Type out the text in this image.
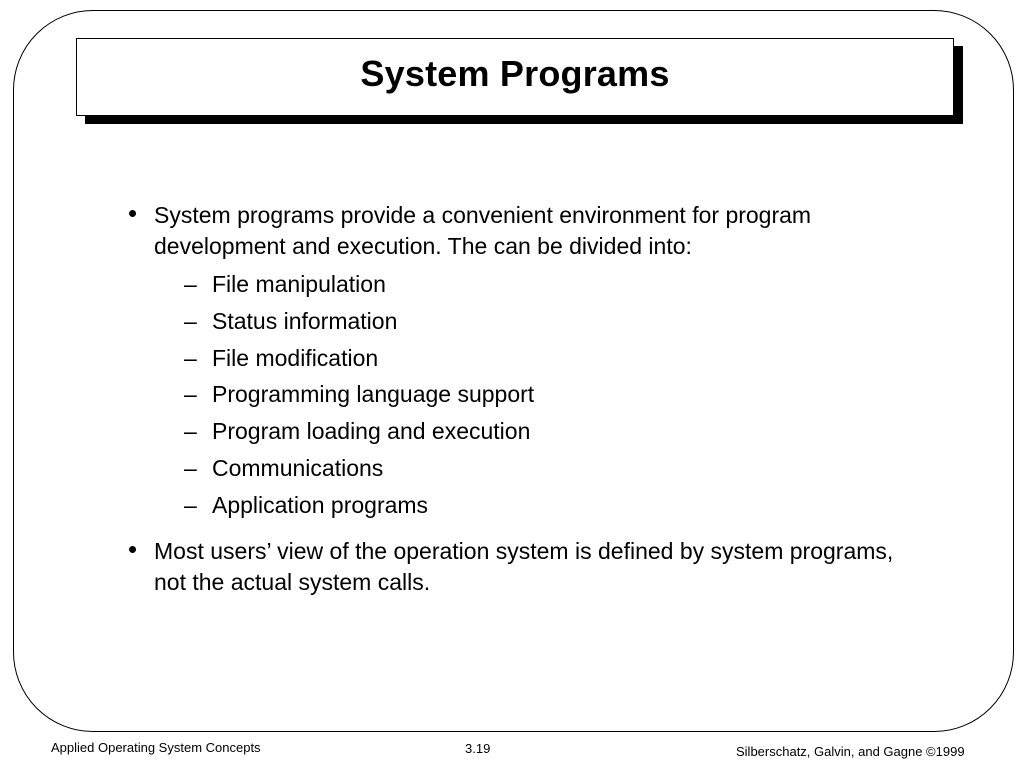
System Programs
• System programs provide a convenient environment for program development and execution. The can be divided into:
– File manipulation
– Status information
– File modification
– Programming language support
– Program loading and execution
– Communications
– Application programs
• Most users’ view of the operation system is defined by system programs, not the actual system calls.
Applied Operating System Concepts	3.19	Silberschatz, Galvin, and Gagne ©1999
